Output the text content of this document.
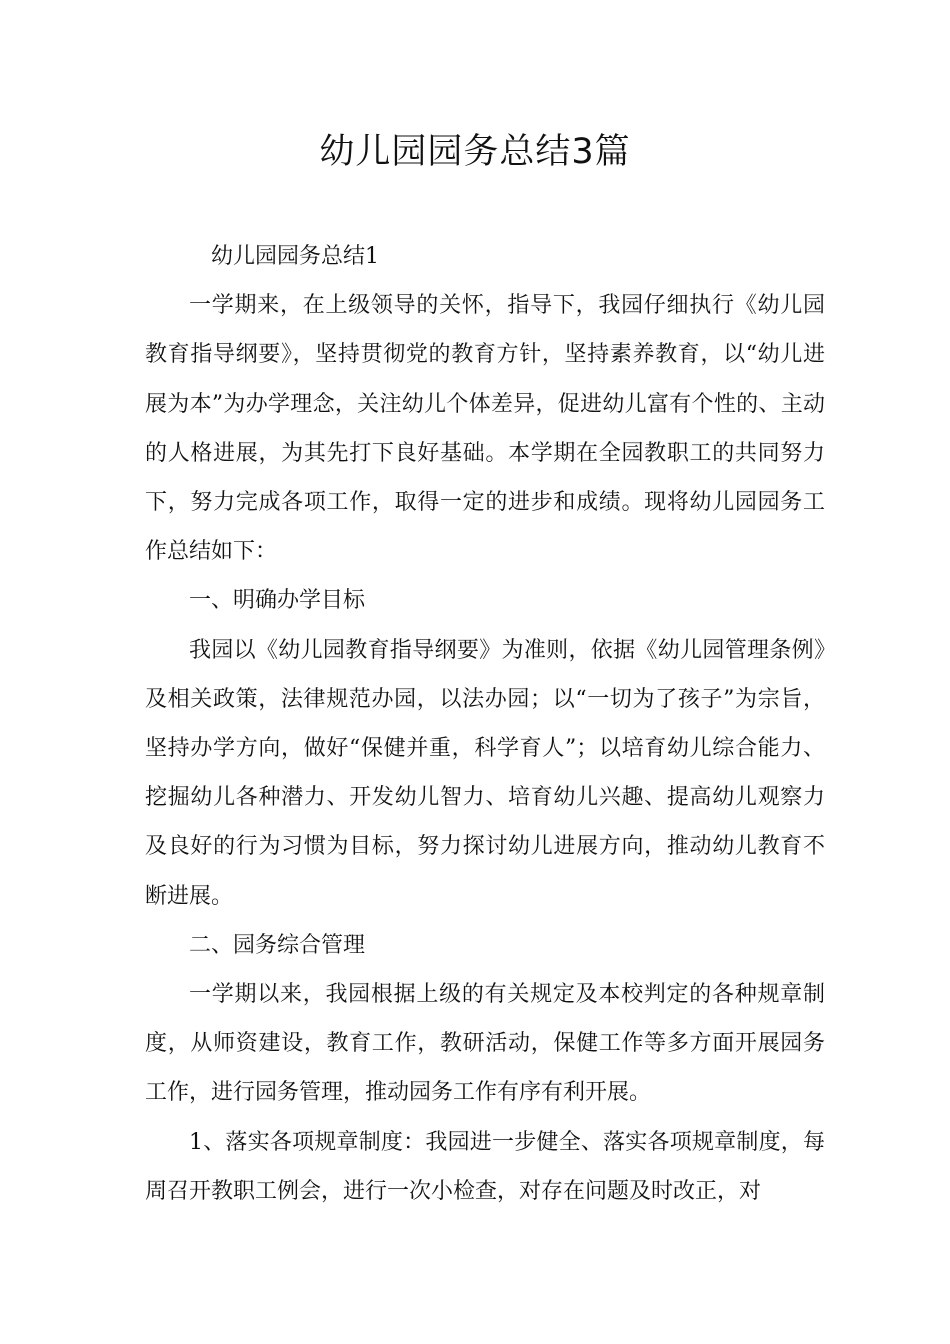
幼儿园园务总结3篇

幼儿园园务总结1

一学期来，在上级领导的关怀，指导下，我园仔细执行《幼儿园教育指导纲要》，坚持贯彻党的教育方针，坚持素养教育，以“幼儿进展为本”为办学理念，关注幼儿个体差异，促进幼儿富有个性的、主动的人格进展，为其先打下良好基础。本学期在全园教职工的共同努力下，努力完成各项工作，取得一定的进步和成绩。现将幼儿园园务工作总结如下：

一、明确办学目标

我园以《幼儿园教育指导纲要》为准则，依据《幼儿园管理条例》及相关政策，法律规范办园，以法办园；以“一切为了孩子”为宗旨，坚持办学方向，做好“保健并重，科学育人”；以培育幼儿综合能力、挖掘幼儿各种潜力、开发幼儿智力、培育幼儿兴趣、提高幼儿观察力及良好的行为习惯为目标，努力探讨幼儿进展方向，推动幼儿教育不断进展。

二、园务综合管理

一学期以来，我园根据上级的有关规定及本校判定的各种规章制度，从师资建设，教育工作，教研活动，保健工作等多方面开展园务工作，进行园务管理，推动园务工作有序有利开展。

1、落实各项规章制度：我园进一步健全、落实各项规章制度，每周召开教职工例会，进行一次小检查，对存在问题及时改正，对
